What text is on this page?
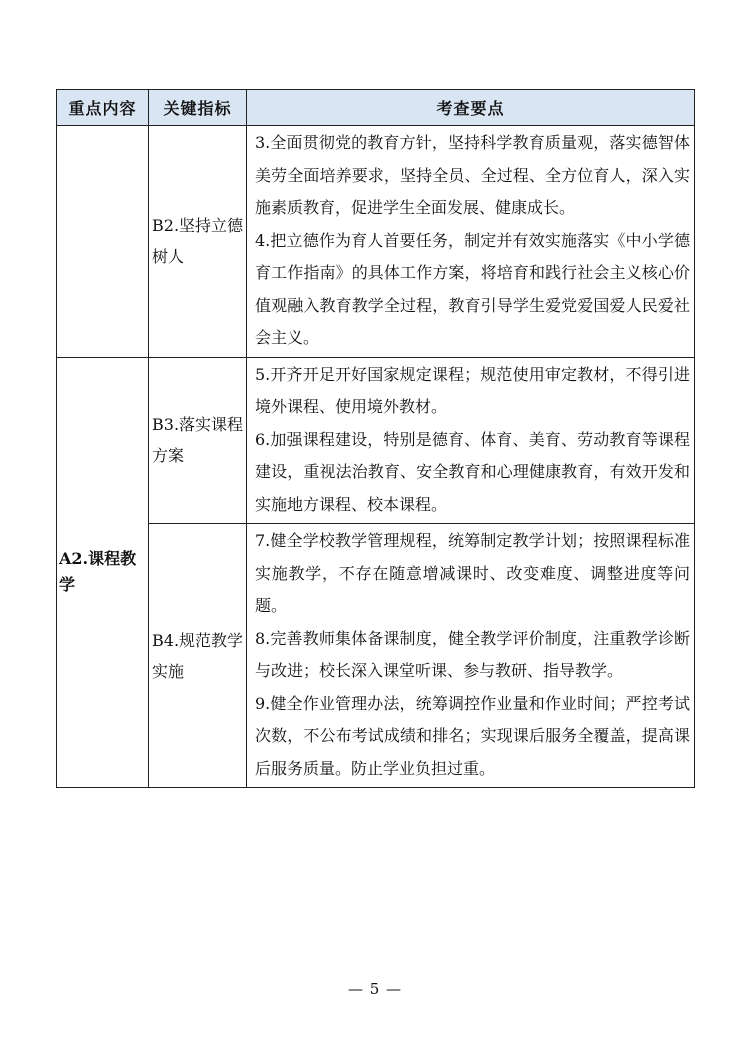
重点内容	关键指标	考查要点
	B2.坚持立德树人	3.全面贯彻党的教育方针，坚持科学教育质量观，落实德智体美劳全面培养要求，坚持全员、全过程、全方位育人，深入实施素质教育，促进学生全面发展、健康成长。

4.把立德作为育人首要任务，制定并有效实施落实《中小学德育工作指南》的具体工作方案，将培育和践行社会主义核心价值观融入教育教学全过程，教育引导学生爱党爱国爱人民爱社会主义。

A2.课程教学	B3.落实课程方案	5.开齐开足开好国家规定课程；规范使用审定教材，不得引进境外课程、使用境外教材。

6.加强课程建设，特别是德育、体育、美育、劳动教育等课程建设，重视法治教育、安全教育和心理健康教育，有效开发和实施地方课程、校本课程。

	B4.规范教学实施	7.健全学校教学管理规程，统筹制定教学计划；按照课程标准实施教学，不存在随意增减课时、改变难度、调整进度等问题。

8.完善教师集体备课制度，健全教学评价制度，注重教学诊断与改进；校长深入课堂听课、参与教研、指导教学。

9.健全作业管理办法，统筹调控作业量和作业时间；严控考试次数，不公布考试成绩和排名；实现课后服务全覆盖，提高课后服务质量。防止学业负担过重。

— 5 —
